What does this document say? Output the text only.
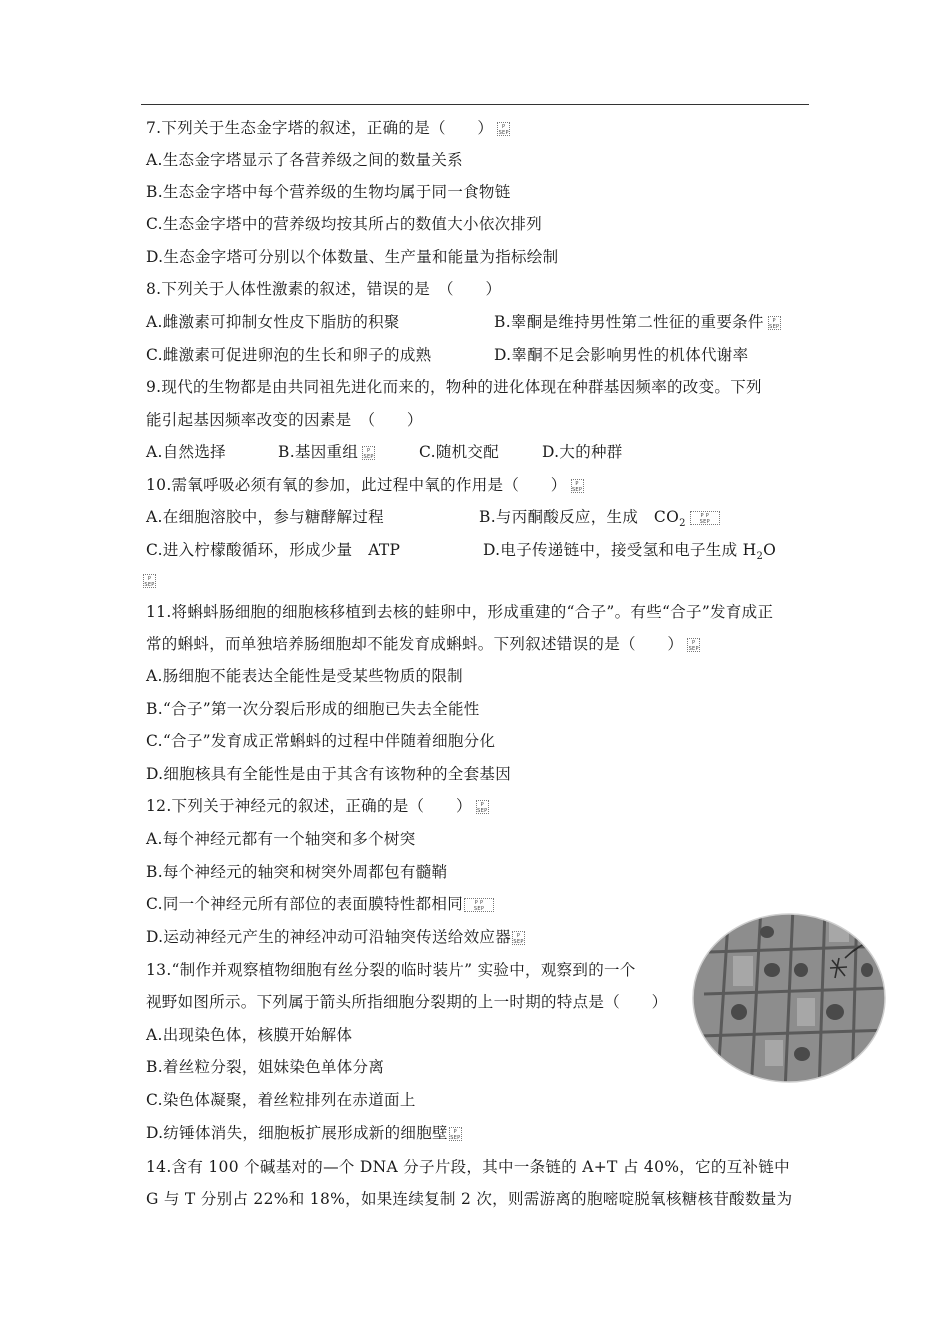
7.下列关于生态金字塔的叙述，正确的是（　　） P
SEP
A.生态金字塔显示了各营养级之间的数量关系
B.生态金字塔中每个营养级的生物均属于同一食物链
C.生态金字塔中的营养级均按其所占的数值大小依次排列
D.生态金字塔可分别以个体数量、生产量和能量为指标绘制
8.下列关于人体性激素的叙述，错误的是　（　　）
A.雌激素可抑制女性皮下脂肪的积聚	B.睾酮是维持男性第二性征的重要条件 P
SEP
C.雌激素可促进卵泡的生长和卵子的成熟	D.睾酮不足会影响男性的机体代谢率
9.现代的生物都是由共同祖先进化而来的，物种的进化体现在种群基因频率的改变。下列
能引起基因频率改变的因素是　（　　）
A.自然选择	B.基因重组 P
SEP	C.随机交配	D.大的种群
10.需氧呼吸必须有氧的参加，此过程中氧的作用是（　　） P
SEP
A.在细胞溶胶中，参与糖酵解过程	B.与丙酮酸反应，生成　$CO_2P$ P
SEP
C.进入柠檬酸循环，形成少量　ATP	D.电子传递链中，接受氢和电子生成 $H_2O$
P
SEP
11.将蝌蚪肠细胞的细胞核移植到去核的蛙卵中，形成重建的“合子”。有些“合子”发育成正
常的蝌蚪，而单独培养肠细胞却不能发育成蝌蚪。下列叙述错误的是（　　） P
SEP
A.肠细胞不能表达全能性是受某些物质的限制
B.“合子”第一次分裂后形成的细胞已失去全能性
C.“合子”发育成正常蝌蚪的过程中伴随着细胞分化
D.细胞核具有全能性是由于其含有该物种的全套基因
12.下列关于神经元的叙述，正确的是（　　） P
SEP
A.每个神经元都有一个轴突和多个树突
B.每个神经元的轴突和树突外周都包有髓鞘
C.同一个神经元所有部位的表面膜特性都相同 P P
SEP
D.运动神经元产生的神经冲动可沿轴突传送给效应器 P
SEP
13.“制作并观察植物细胞有丝分裂的临时装片” 实验中，观察到的一个
视野如图所示。下列属于箭头所指细胞分裂期的上一时期的特点是（　　）
A.出现染色体，核膜开始解体
B.着丝粒分裂，姐妹染色单体分离
C.染色体凝聚，着丝粒排列在赤道面上
D.纺锤体消失，细胞板扩展形成新的细胞壁 P
SEP
14.含有 100 个碱基对的—个 DNA 分子片段，其中一条链的 A+T 占 40%，它的互补链中
G 与 T 分别占 22%和 18%，如果连续复制 2 次，则需游离的胞嘧啶脱氧核糖核苷酸数量为
